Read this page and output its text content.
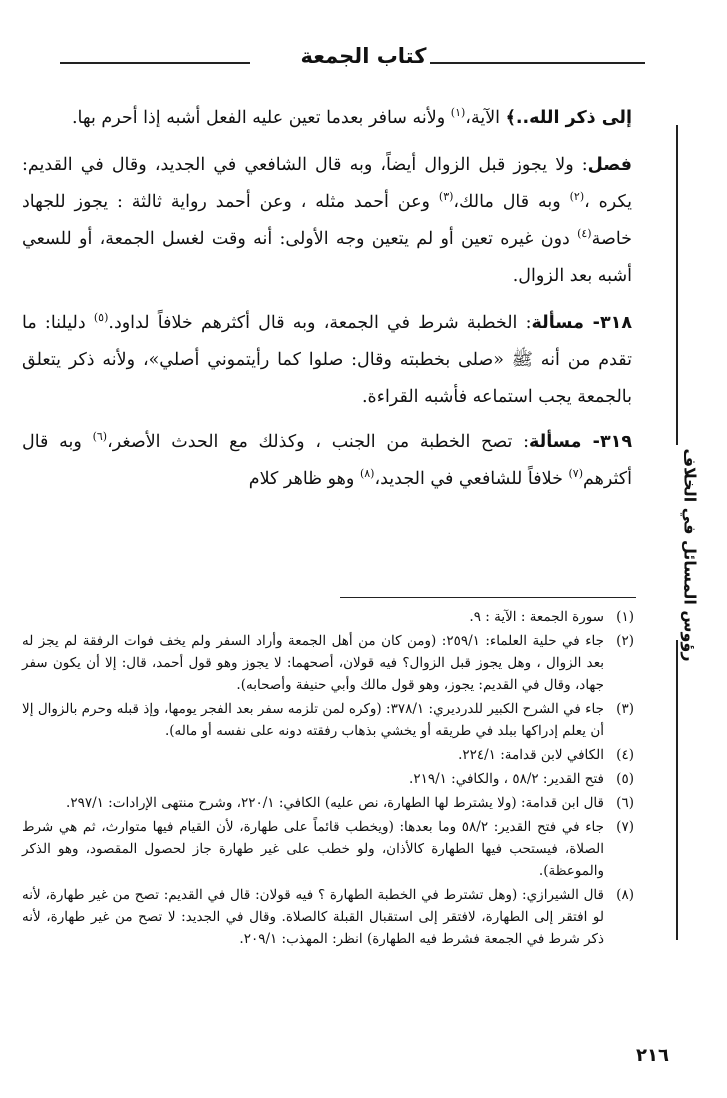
كتاب الجمعة
رؤوس المسائل في الخلاف

إلى ذكر الله..﴾ الآية،$^{(١)}$ ولأنه سافر بعدما تعين عليه الفعل أشبه إذا أحرم بها.

فصل: ولا يجوز قبل الزوال أيضاً، وبه قال الشافعي في الجديد، وقال في القديم: يكره ،$^{(٢)}$ وبه قال مالك،$^{(٣)}$ وعن أحمد مثله ، وعن أحمد رواية ثالثة : يجوز للجهاد خاصة$^{(٤)}$ دون غيره تعين أو لم يتعين وجه الأولى: أنه وقت لغسل الجمعة، أو للسعي أشبه بعد الزوال.

٣١٨- مسألة: الخطبة شرط في الجمعة، وبه قال أكثرهم خلافاً لداود.$^{(٥)}$ دليلنا: ما تقدم من أنه ﷺ «صلى بخطبته وقال: صلوا كما رأيتموني أصلي»، ولأنه ذكر يتعلق بالجمعة يجب استماعه فأشبه القراءة.

٣١٩- مسألة: تصح الخطبة من الجنب ، وكذلك مع الحدث الأصغر،$^{(٦)}$ وبه قال أكثرهم$^{(٧)}$ خلافاً للشافعي في الجديد،$^{(٨)}$ وهو ظاهر كلام

(١)
سورة الجمعة : الآية : ٩.
(٢)
جاء في حلية العلماء: ٢٥٩/١: (ومن كان من أهل الجمعة وأراد السفر ولم يخف فوات الرفقة لم يجز له بعد الزوال ، وهل يجوز قبل الزوال؟ فيه قولان، أصحهما: لا يجوز وهو قول أحمد، قال: إلا أن يكون سفر جهاد، وقال في القديم: يجوز، وهو قول مالك وأبي حنيفة وأصحابه).
(٣)
جاء في الشرح الكبير للدرديري: ٣٧٨/١: (وكره لمن تلزمه سفر بعد الفجر يومها، وإذ قبله وحرم بالزوال إلا أن يعلم إدراكها ببلد في طريقه أو يخشي بذهاب رفقته دونه على نفسه أو ماله).
(٤)
الكافي لابن قدامة: ٢٢٤/١.
(٥)
فتح القدير: ٥٨/٢ ، والكافي: ٢١٩/١.
(٦)
قال ابن قدامة: (ولا يشترط لها الطهارة، نص عليه) الكافي: ٢٢٠/١، وشرح منتهى الإرادات: ٢٩٧/١.
(٧)
جاء في فتح القدير: ٥٨/٢ وما بعدها: (ويخطب قائماً على طهارة، لأن القيام فيها متوارث، ثم هي شرط الصلاة، فيستحب فيها الطهارة كالأذان، ولو خطب على غير طهارة جاز لحصول المقصود، وهو الذكر والموعظة).
(٨)
قال الشيرازي: (وهل تشترط في الخطبة الطهارة ؟ فيه قولان: قال في القديم: تصح من غير طهارة، لأنه لو افتقر إلى الطهارة، لافتقر إلى استقبال القبلة كالصلاة. وقال في الجديد: لا تصح من غير طهارة، لأنه ذكر شرط في الجمعة فشرط فيه الطهارة) انظر: المهذب: ٢٠٩/١.
٢١٦
